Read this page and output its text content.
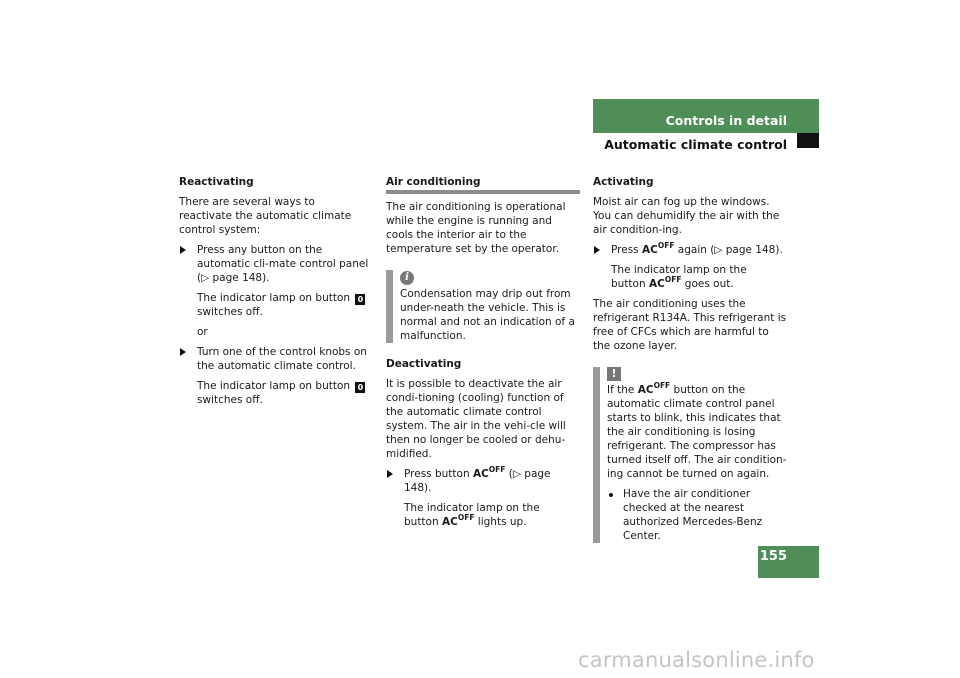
Controls in detail
Automatic climate control

Reactivating

There are several ways to reactivate the automatic climate control system:

Press any button on the automatic cli-mate control panel (▷ page 148).

The indicator lamp on button 0
switches off.

or

Turn one of the control knobs on the automatic climate control.

The indicator lamp on button 0
switches off.

Air conditioning

The air conditioning is operational while the engine is running and cools the interior air to the temperature set by the operator.

i

Condensation may drip out from under-neath the vehicle. This is normal and not an indication of a malfunction.

Deactivating

It is possible to deactivate the air condi-tioning (cooling) function of the automatic climate control system. The air in the vehi-cle will then no longer be cooled or dehu-midified.

Press button $AC^{OFF}$ (▷ page 148).

The indicator lamp on the
button $AC^{OFF}$ lights up.

Activating

Moist air can fog up the windows. You can dehumidify the air with the air condition-ing.

Press $AC^{OFF}$ again (▷ page 148).

The indicator lamp on the
button $AC^{OFF}$ goes out.

The air conditioning uses the refrigerant R134A. This refrigerant is free of CFCs which are harmful to the ozone layer.

!

If the $AC^{OFF}$ button on the automatic climate control panel starts to blink, this indicates that the air conditioning is losing refrigerant. The compressor has turned itself off. The air condition-ing cannot be turned on again.

Have the air conditioner checked at the nearest authorized Mercedes-Benz Center.
155
carmanualsonline.info
